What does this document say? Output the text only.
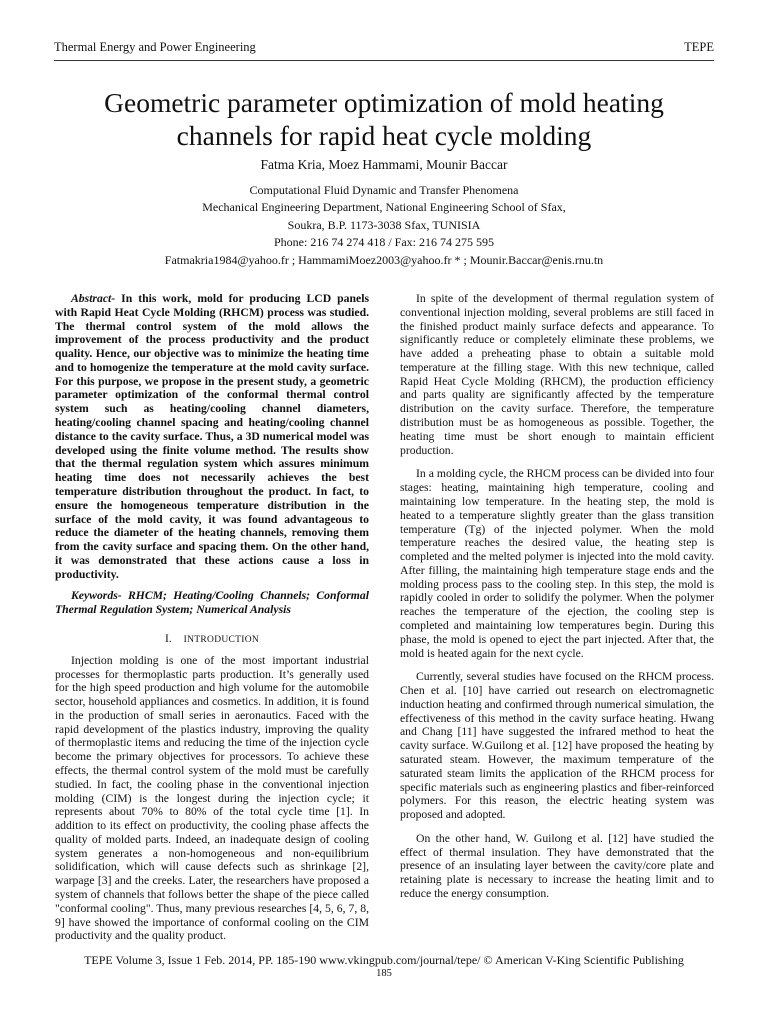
Thermal Energy and Power Engineering	TEPE
Geometric parameter optimization of mold heating
channels for rapid heat cycle molding
Fatma Kria, Moez Hammami, Mounir Baccar
Computational Fluid Dynamic and Transfer Phenomena
Mechanical Engineering Department, National Engineering School of Sfax,
Soukra, B.P. 1173-3038 Sfax, TUNISIA
Phone: 216 74 274 418 / Fax: 216 74 275 595
Fatmakria1984@yahoo.fr ; HammamiMoez2003@yahoo.fr * ; Mounir.Baccar@enis.rnu.tn

Abstract- In this work, mold for producing LCD panels with Rapid Heat Cycle Molding (RHCM) process was studied. The thermal control system of the mold allows the improvement of the process productivity and the product quality. Hence, our objective was to minimize the heating time and to homogenize the temperature at the mold cavity surface. For this purpose, we propose in the present study, a geometric parameter optimization of the conformal thermal control system such as heating/cooling channel diameters, heating/cooling channel spacing and heating/cooling channel distance to the cavity surface. Thus, a 3D numerical model was developed using the finite volume method. The results show that the thermal regulation system which assures minimum heating time does not necessarily achieves the best temperature distribution throughout the product. In fact, to ensure the homogeneous temperature distribution in the surface of the mold cavity, it was found advantageous to reduce the diameter of the heating channels, removing them from the cavity surface and spacing them. On the other hand, it was demonstrated that these actions cause a loss in productivity.

Keywords- RHCM; Heating/Cooling Channels; Conformal Thermal Regulation System; Numerical Analysis

I. INTRODUCTION

Injection molding is one of the most important industrial processes for thermoplastic parts production. It’s generally used for the high speed production and high volume for the automobile sector, household appliances and cosmetics. In addition, it is found in the production of small series in aeronautics. Faced with the rapid development of the plastics industry, improving the quality of thermoplastic items and reducing the time of the injection cycle become the primary objectives for processors. To achieve these effects, the thermal control system of the mold must be carefully studied. In fact, the cooling phase in the conventional injection molding (CIM) is the longest during the injection cycle; it represents about 70% to 80% of the total cycle time [1]. In addition to its effect on productivity, the cooling phase affects the quality of molded parts. Indeed, an inadequate design of cooling system generates a non-homogeneous and non-equilibrium solidification, which will cause defects such as shrinkage [2], warpage [3] and the creeks. Later, the researchers have proposed a system of channels that follows better the shape of the piece called "conformal cooling". Thus, many previous researches [4, 5, 6, 7, 8, 9] have showed the importance of conformal cooling on the CIM productivity and the quality product.

In spite of the development of thermal regulation system of conventional injection molding, several problems are still faced in the finished product mainly surface defects and appearance. To significantly reduce or completely eliminate these problems, we have added a preheating phase to obtain a suitable mold temperature at the filling stage. With this new technique, called Rapid Heat Cycle Molding (RHCM), the production efficiency and parts quality are significantly affected by the temperature distribution on the cavity surface. Therefore, the temperature distribution must be as homogeneous as possible. Together, the heating time must be short enough to maintain efficient production.

In a molding cycle, the RHCM process can be divided into four stages: heating, maintaining high temperature, cooling and maintaining low temperature. In the heating step, the mold is heated to a temperature slightly greater than the glass transition temperature (Tg) of the injected polymer. When the mold temperature reaches the desired value, the heating step is completed and the melted polymer is injected into the mold cavity. After filling, the maintaining high temperature stage ends and the molding process pass to the cooling step. In this step, the mold is rapidly cooled in order to solidify the polymer. When the polymer reaches the temperature of the ejection, the cooling step is completed and maintaining low temperatures begin. During this phase, the mold is opened to eject the part injected. After that, the mold is heated again for the next cycle.

Currently, several studies have focused on the RHCM process. Chen et al. [10] have carried out research on electromagnetic induction heating and confirmed through numerical simulation, the effectiveness of this method in the cavity surface heating. Hwang and Chang [11] have suggested the infrared method to heat the cavity surface. W.Guilong et al. [12] have proposed the heating by saturated steam. However, the maximum temperature of the saturated steam limits the application of the RHCM process for specific materials such as engineering plastics and fiber-reinforced polymers. For this reason, the electric heating system was proposed and adopted.

On the other hand, W. Guilong et al. [12] have studied the effect of thermal insulation. They have demonstrated that the presence of an insulating layer between the cavity/core plate and retaining plate is necessary to increase the heating limit and to reduce the energy consumption.

TEPE Volume 3, Issue 1 Feb. 2014, PP. 185-190 www.vkingpub.com/journal/tepe/ © American V-King Scientific Publishing
185
